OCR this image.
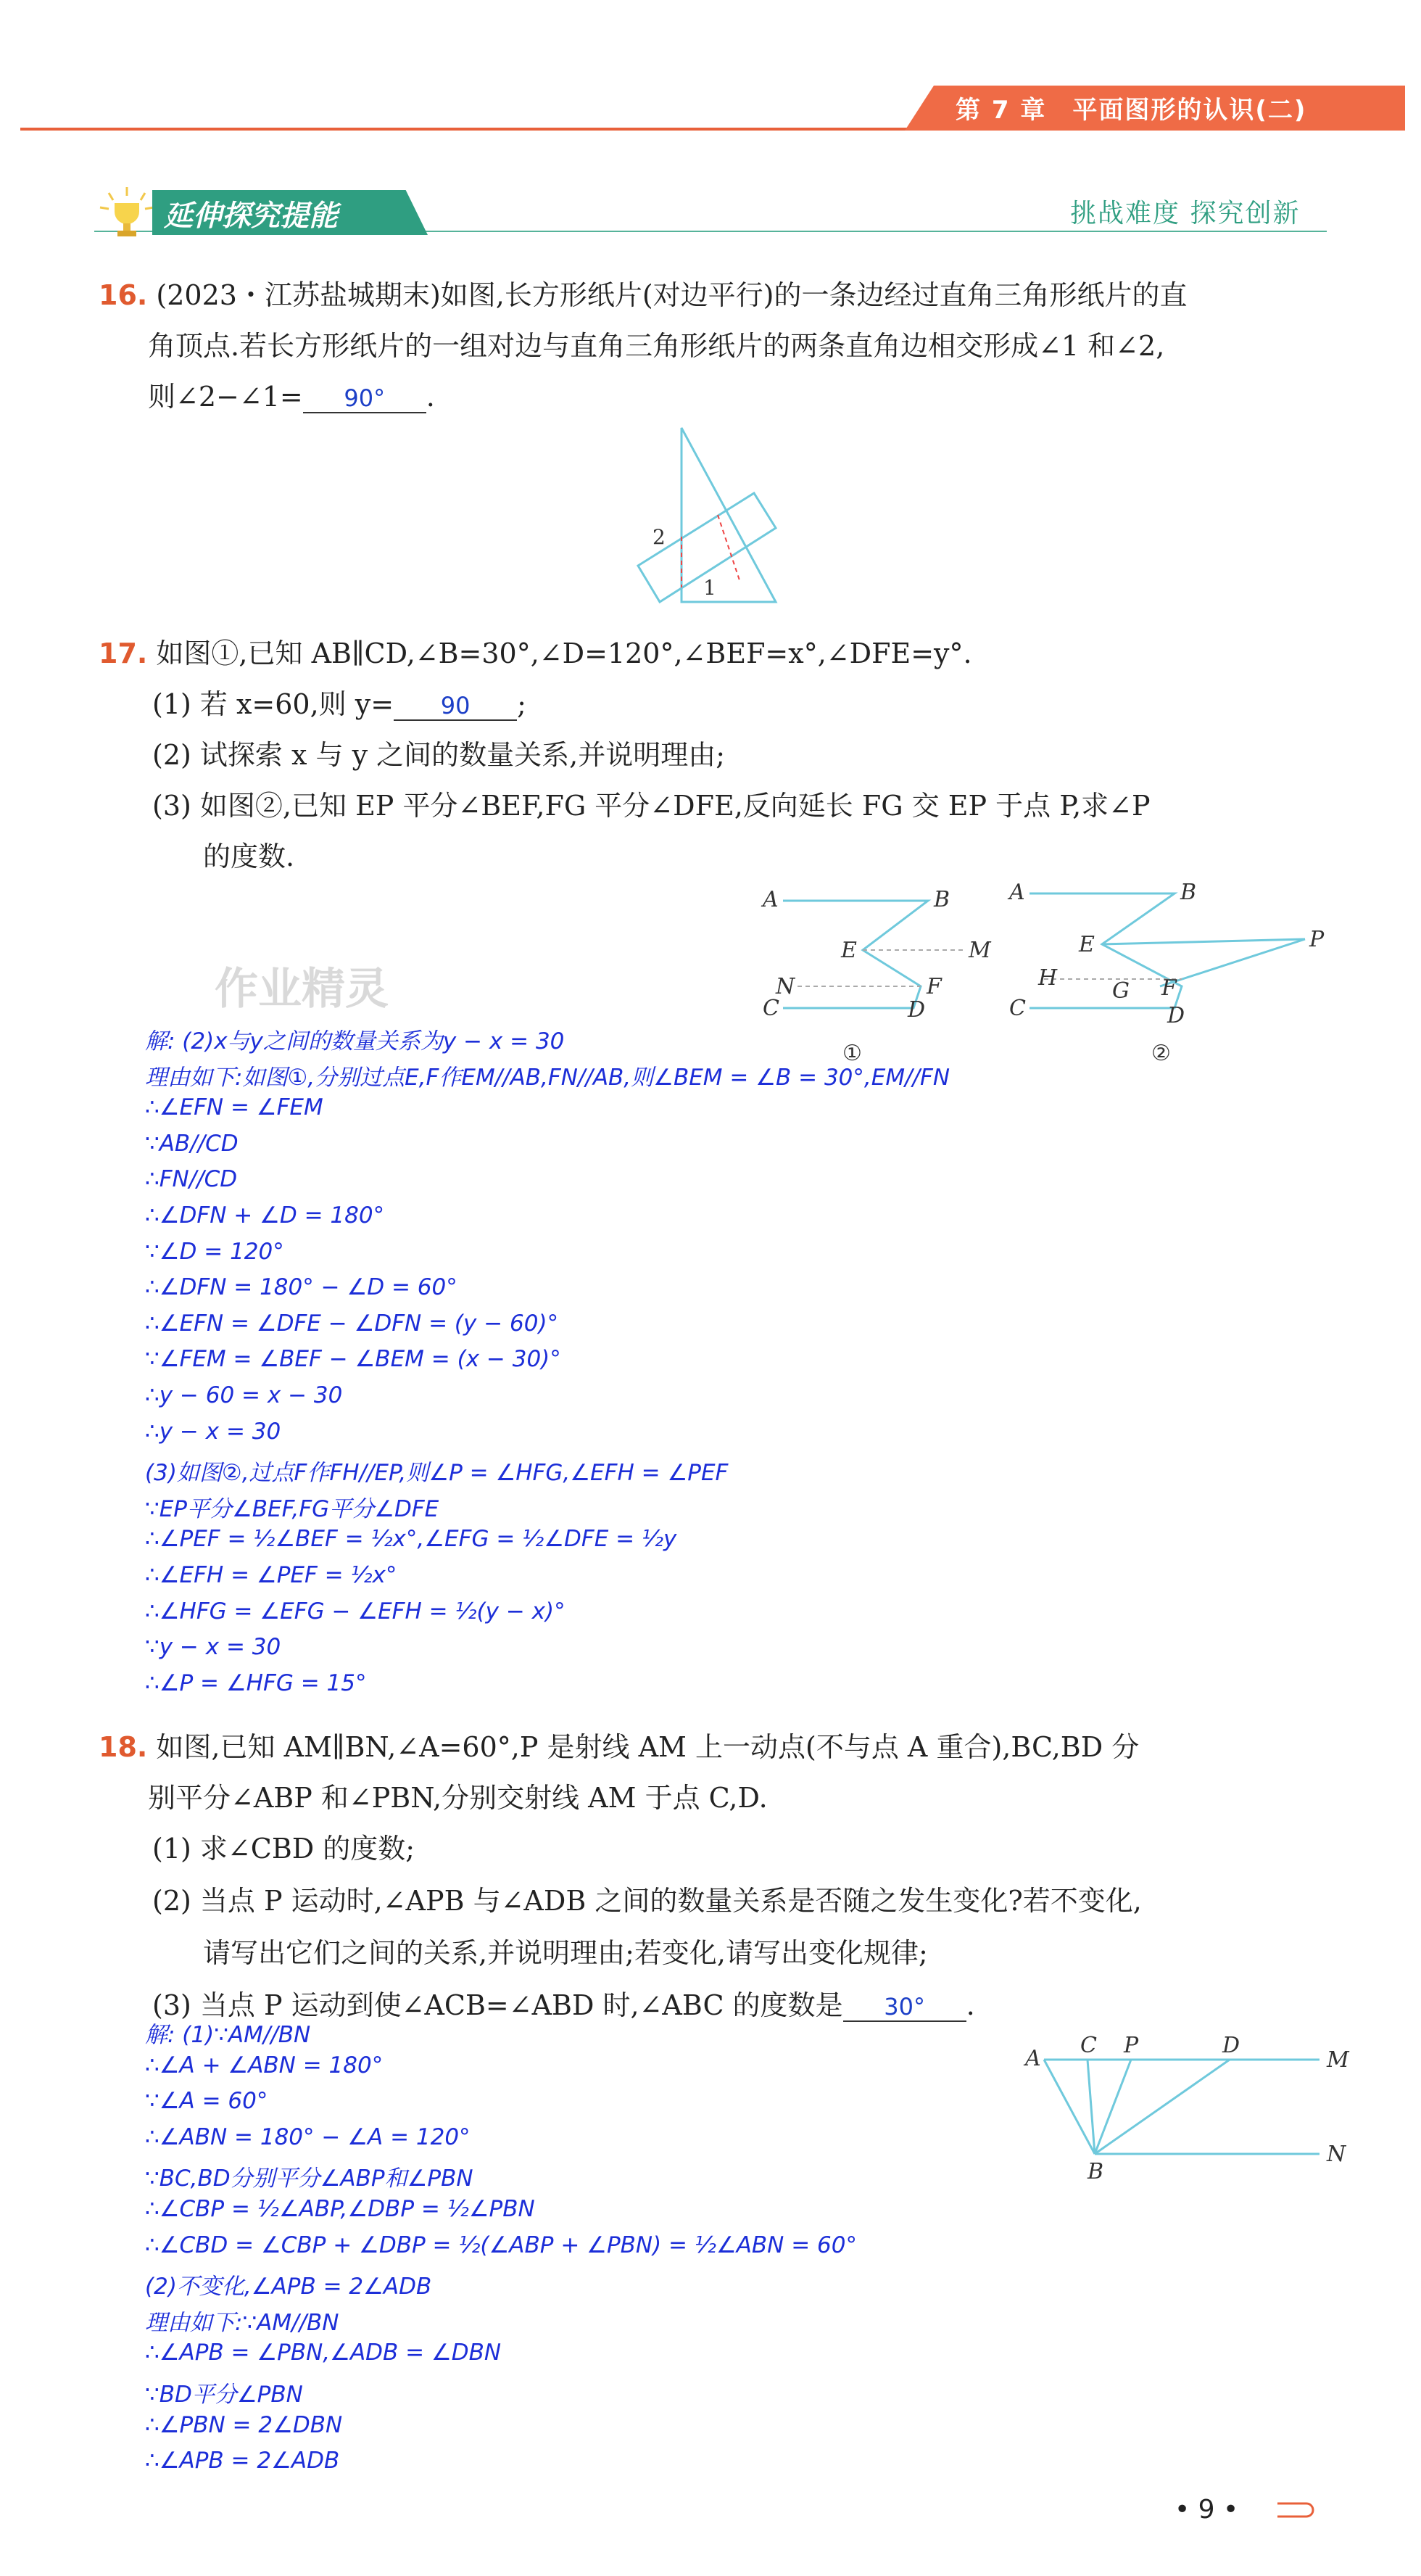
第 7 章　平面图形的认识(二)
延伸探究提能	挑战难度 探究创新
16. (2023・江苏盐城期末)如图,长方形纸片(对边平行)的一条边经过直角三角形纸片的直
角顶点.若长方形纸片的一组对边与直角三角形纸片的两条直角边相交形成∠1 和∠2,
则∠2−∠1= 90° .
2
1
17. 如图①,已知 AB∥CD,∠B=30°,∠D=120°,∠BEF=x°,∠DFE=y°.
(1) 若 x=60,则 y= 90 ;
(2) 试探索 x 与 y 之间的数量关系,并说明理由;
(3) 如图②,已知 EP 平分∠BEF,FG 平分∠DFE,反向延长 FG 交 EP 于点 P,求∠P
的度数.
A	B
E	M
N	F
C	D
①
A	B
E	P
H
G F
C	D
②
作业精灵
解: (2)x与y之间的数量关系为y − x = 30
理由如下:如图①,分别过点E,F作EM//AB,FN//AB,则∠BEM = ∠B = 30°,EM//FN
∴∠EFN = ∠FEM
∵AB//CD
∴FN//CD
∴∠DFN + ∠D = 180°
∵∠D = 120°
∴∠DFN = 180° − ∠D = 60°
∴∠EFN = ∠DFE − ∠DFN = (y − 60)°
∵∠FEM = ∠BEF − ∠BEM = (x − 30)°
∴y − 60 = x − 30
∴y − x = 30
(3)如图②,过点F作FH//EP,则∠P = ∠HFG,∠EFH = ∠PEF
∵EP平分∠BEF,FG平分∠DFE
∴∠PEF = ½∠BEF = ½x°,∠EFG = ½∠DFE = ½y
∴∠EFH = ∠PEF = ½x°
∴∠HFG = ∠EFG − ∠EFH = ½(y − x)°
∵y − x = 30
∴∠P = ∠HFG = 15°
18. 如图,已知 AM∥BN,∠A=60°,P 是射线 AM 上一动点(不与点 A 重合),BC,BD 分
别平分∠ABP 和∠PBN,分别交射线 AM 于点 C,D.
(1) 求∠CBD 的度数;
(2) 当点 P 运动时,∠APB 与∠ADB 之间的数量关系是否随之发生变化?若不变化,
请写出它们之间的关系,并说明理由;若变化,请写出变化规律;
(3) 当点 P 运动到使∠ACB=∠ABD 时,∠ABC 的度数是 30° .
A
C P	D
M
B
N
解: (1)∵AM//BN
∴∠A + ∠ABN = 180°
∵∠A = 60°
∴∠ABN = 180° − ∠A = 120°
∵BC,BD分别平分∠ABP和∠PBN
∴∠CBP = ½∠ABP,∠DBP = ½∠PBN
∴∠CBD = ∠CBP + ∠DBP = ½(∠ABP + ∠PBN) = ½∠ABN = 60°
(2)不变化,∠APB = 2∠ADB
理由如下:∵AM//BN
∴∠APB = ∠PBN,∠ADB = ∠DBN
∵BD平分∠PBN
∴∠PBN = 2∠DBN
∴∠APB = 2∠ADB
• 9 •
